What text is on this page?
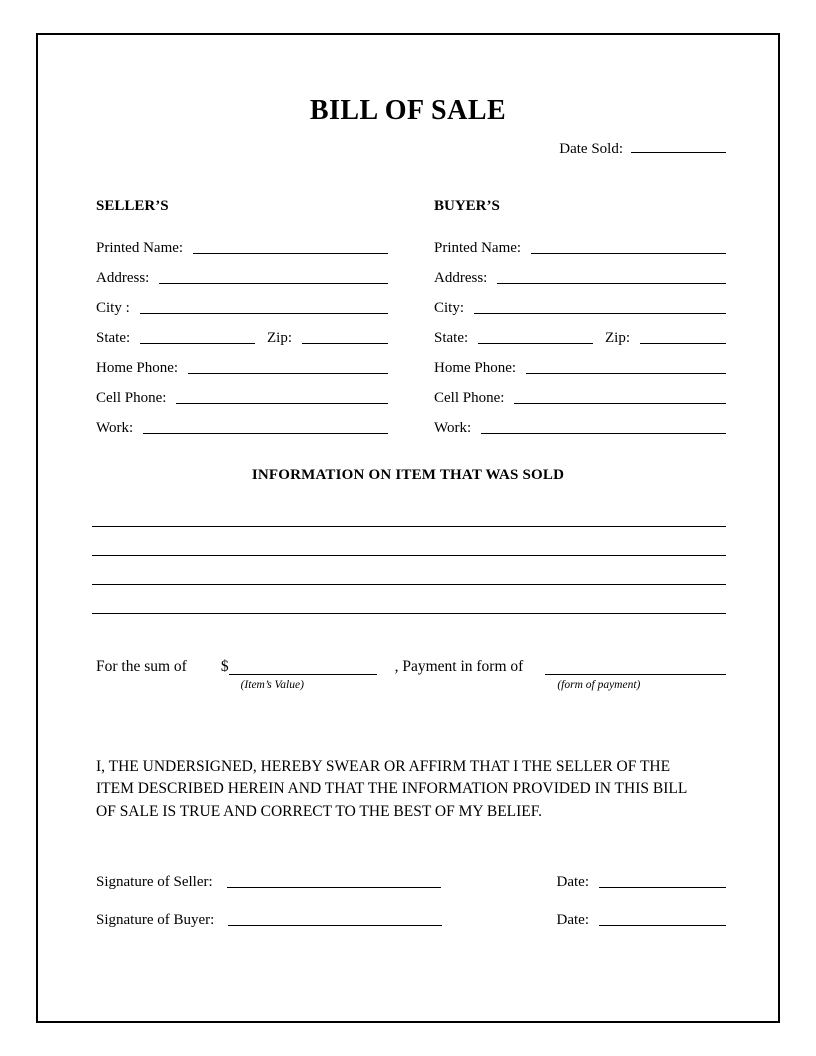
BILL OF SALE
Date Sold:
SELLER’S
Printed Name:
Address:
City :
State:	Zip:
Home Phone:
Cell Phone:
Work:
BUYER’S
Printed Name:
Address:
City:
State:	Zip:
Home Phone:
Cell Phone:
Work:
INFORMATION ON ITEM THAT WAS SOLD
For the sum of	$
(Item’s Value)
, Payment in form of
(form of payment)
I, THE UNDERSIGNED, HEREBY SWEAR OR AFFIRM THAT I THE SELLER OF THE ITEM DESCRIBED HEREIN AND THAT THE INFORMATION PROVIDED IN THIS BILL OF SALE IS TRUE AND CORRECT TO THE BEST OF MY BELIEF.
Signature of Seller:	Date:
Signature of Buyer:	Date:
